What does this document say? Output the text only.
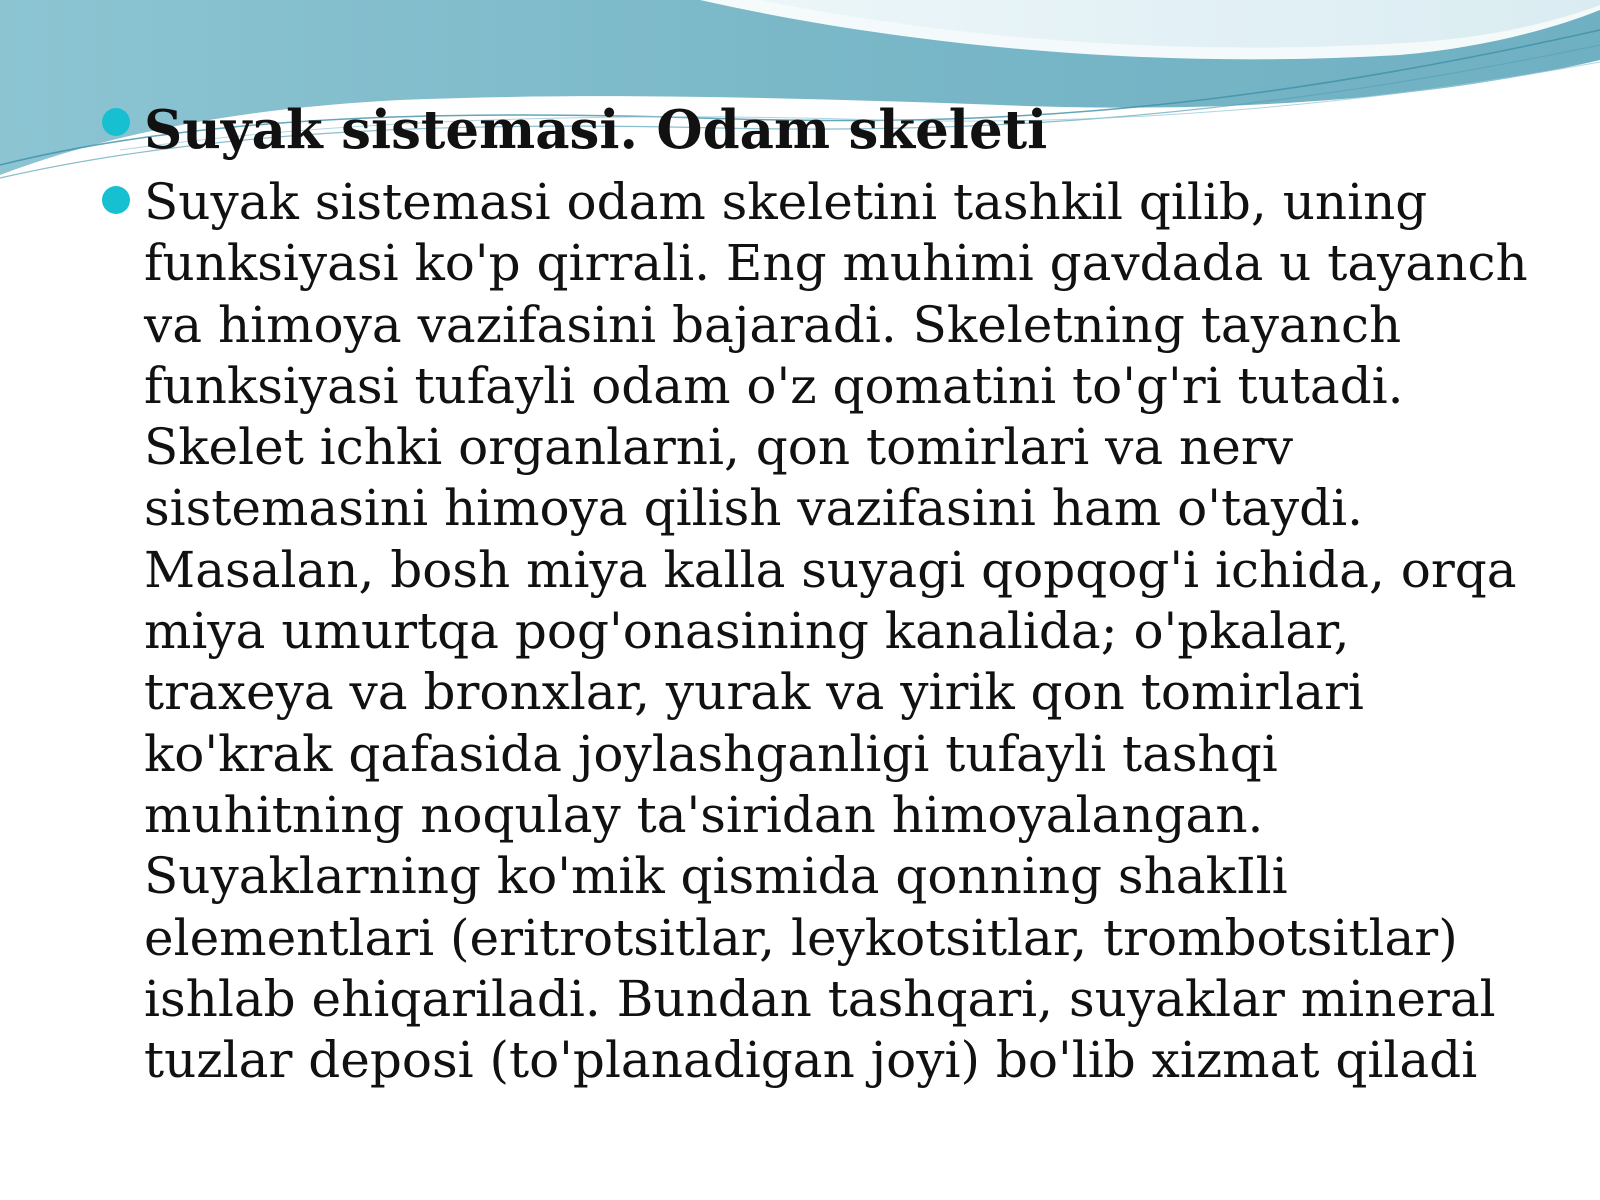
Suyak sistemasi. Odam skeleti
Suyak sistemasi odam skeletini tashkil qilib, uning
funksiyasi ko'p qirrali. Eng muhimi gavdada u tayanch
va himoya vazifasini bajaradi. Skeletning tayanch
funksiyasi tufayli odam o'z qomatini to'g'ri tutadi.
Skelet ichki organlarni, qon tomirlari va nerv
sistemasini himoya qilish vazifasini ham o'taydi.
Masalan, bosh miya kalla suyagi qopqog'i ichida, orqa
miya umurtqa pog'onasining kanalida; o'pkalar,
traxeya va bronxlar, yurak va yirik qon tomirlari
ko'krak qafasida joylashganligi tufayli tashqi
muhitning noqulay ta'siridan himoyalangan.
Suyaklarning ko'mik qismida qonning shakIli
elementlari (eritrotsitlar, leykotsitlar, trombotsitlar)
ishlab ehiqariladi. Bundan tashqari, suyaklar mineral
tuzlar deposi (to'planadigan joyi) bo'lib xizmat qiladi
